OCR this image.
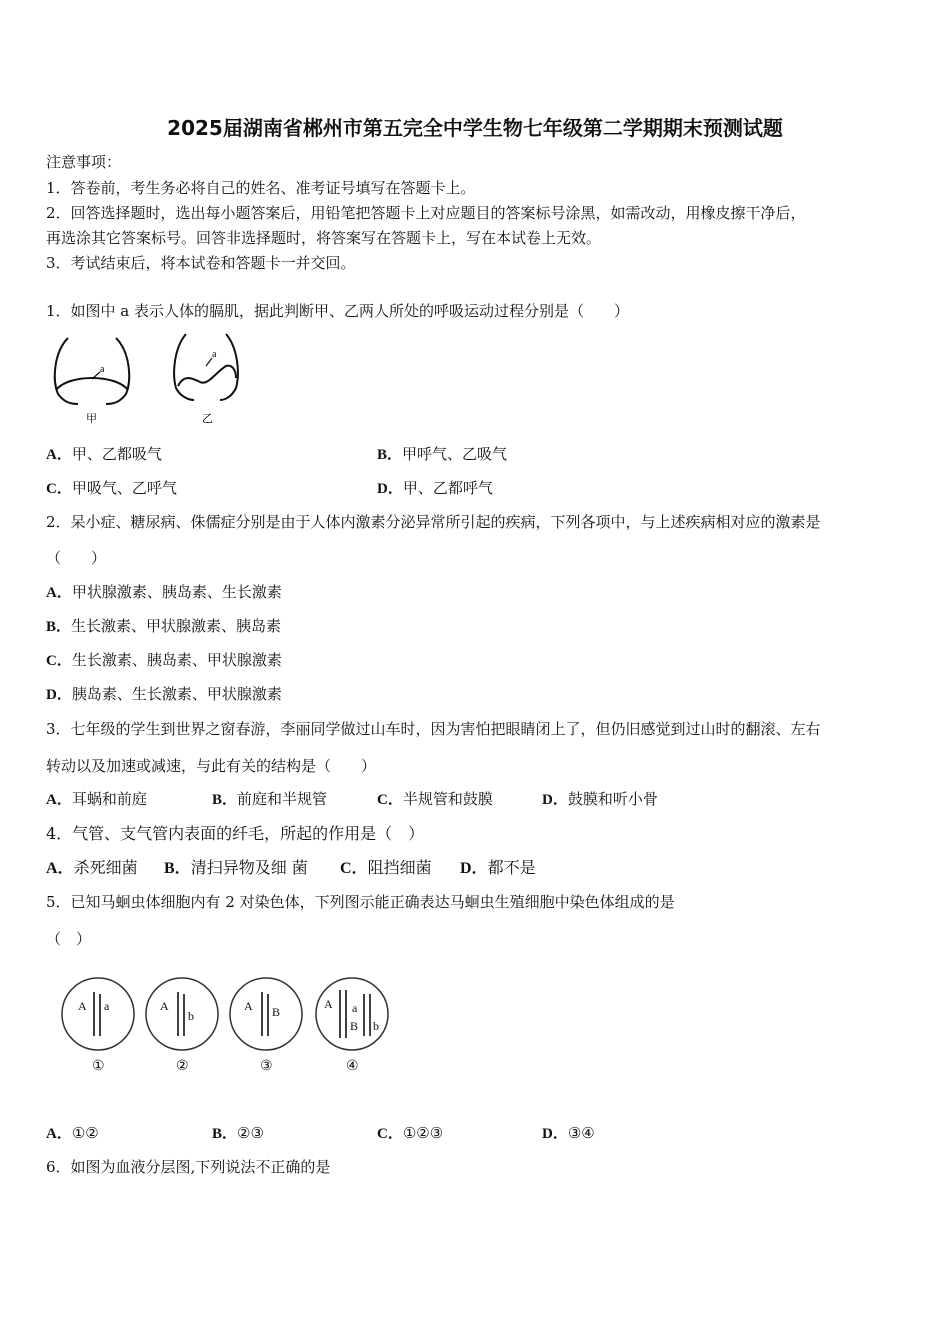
2025届湖南省郴州市第五完全中学生物七年级第二学期期末预测试题
注意事项：
1．答卷前，考生务必将自己的姓名、准考证号填写在答题卡上。
2．回答选择题时，选出每小题答案后，用铅笔把答题卡上对应题目的答案标号涂黑，如需改动，用橡皮擦干净后，
再选涂其它答案标号。回答非选择题时，将答案写在答题卡上，写在本试卷上无效。
3．考试结束后，将本试卷和答题卡一并交回。
1．如图中 a 表示人体的膈肌，据此判断甲、乙两人所处的呼吸运动过程分别是（　　）
a
甲
a
乙
A．甲、乙都吸气	B．甲呼气、乙吸气
C．甲吸气、乙呼气	D．甲、乙都呼气
2．呆小症、糖尿病、侏儒症分别是由于人体内激素分泌异常所引起的疾病，下列各项中，与上述疾病相对应的激素是
（　　）
A．甲状腺激素、胰岛素、生长激素
B．生长激素、甲状腺激素、胰岛素
C．生长激素、胰岛素、甲状腺激素
D．胰岛素、生长激素、甲状腺激素
3．七年级的学生到世界之窗春游，李丽同学做过山车时，因为害怕把眼睛闭上了，但仍旧感觉到过山时的翻滚、左右
转动以及加速或减速，与此有关的结构是（　　）
A．耳蜗和前庭	B．前庭和半规管	C．半规管和鼓膜	D．鼓膜和听小骨
4．气管、支气管内表面的纤毛，所起的作用是（　）
A．杀死细菌 B．清扫异物及细 菌 C．阻挡细菌 D．都不是
5．已知马蛔虫体细胞内有 2 对染色体，下列图示能正确表达马蛔虫生殖细胞中染色体组成的是
（　）
A a
①
A
b
②
A B
③
A a
B b
④
A．①②	B．②③	C．①②③	D．③④
6．如图为血液分层图,下列说法不正确的是
